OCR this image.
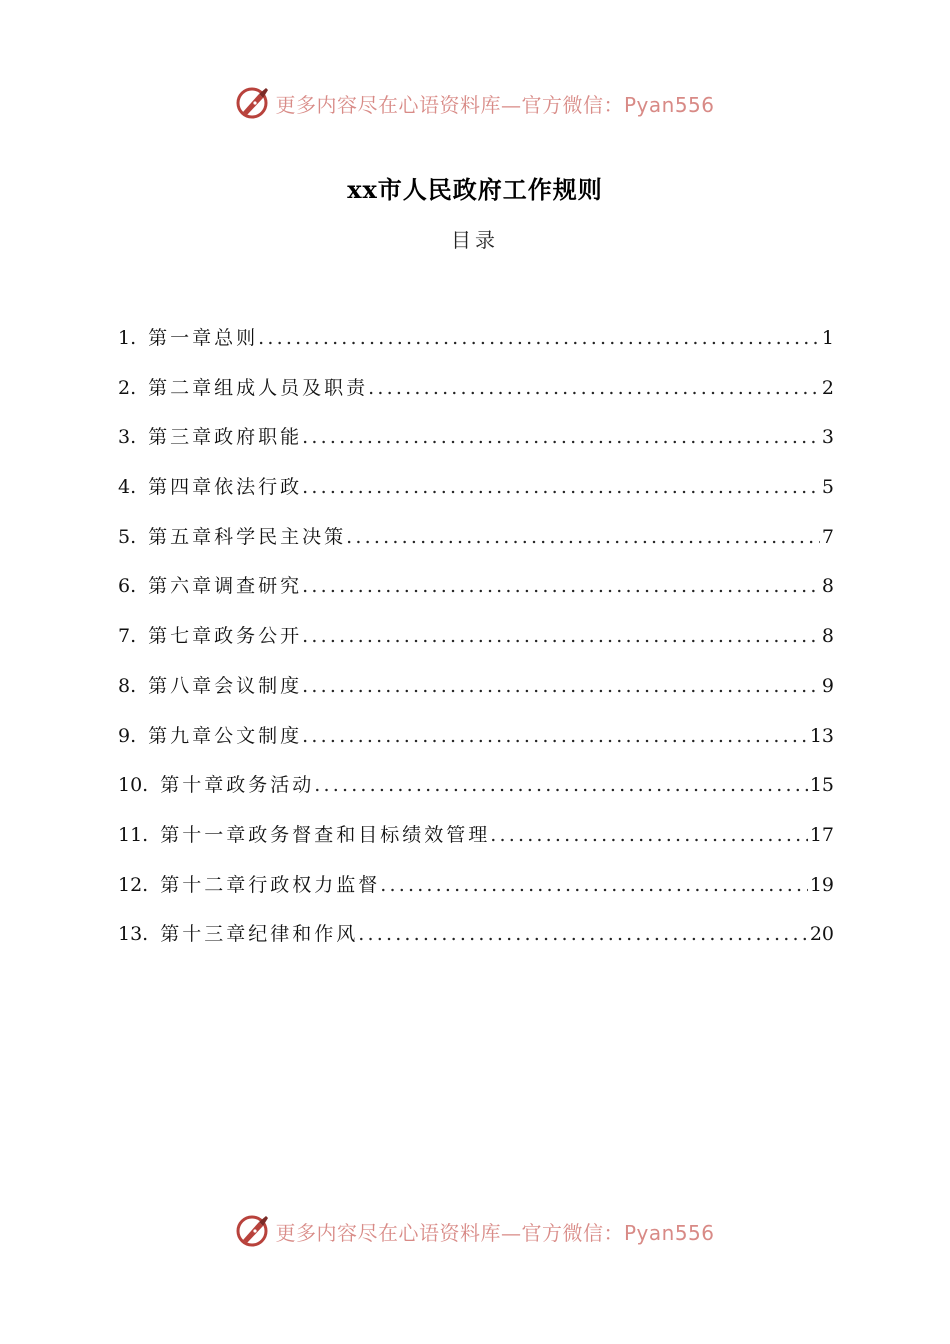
更多内容尽在心语资料库—官方微信：Pyan556
xx市人民政府工作规则
目录
1. 第一章总则 .....	1
2. 第二章组成人员及职责 .....	2
3. 第三章政府职能 .....	3
4. 第四章依法行政 .....	5
5. 第五章科学民主决策 .....	7
6. 第六章调查研究 .....	8
7. 第七章政务公开 .....	8
8. 第八章会议制度 .....	9
9. 第九章公文制度 .....	13
10. 第十章政务活动 .....	15
11. 第十一章政务督查和目标绩效管理 .....	17
12. 第十二章行政权力监督 .....	19
13. 第十三章纪律和作风 .....	20
更多内容尽在心语资料库—官方微信：Pyan556
